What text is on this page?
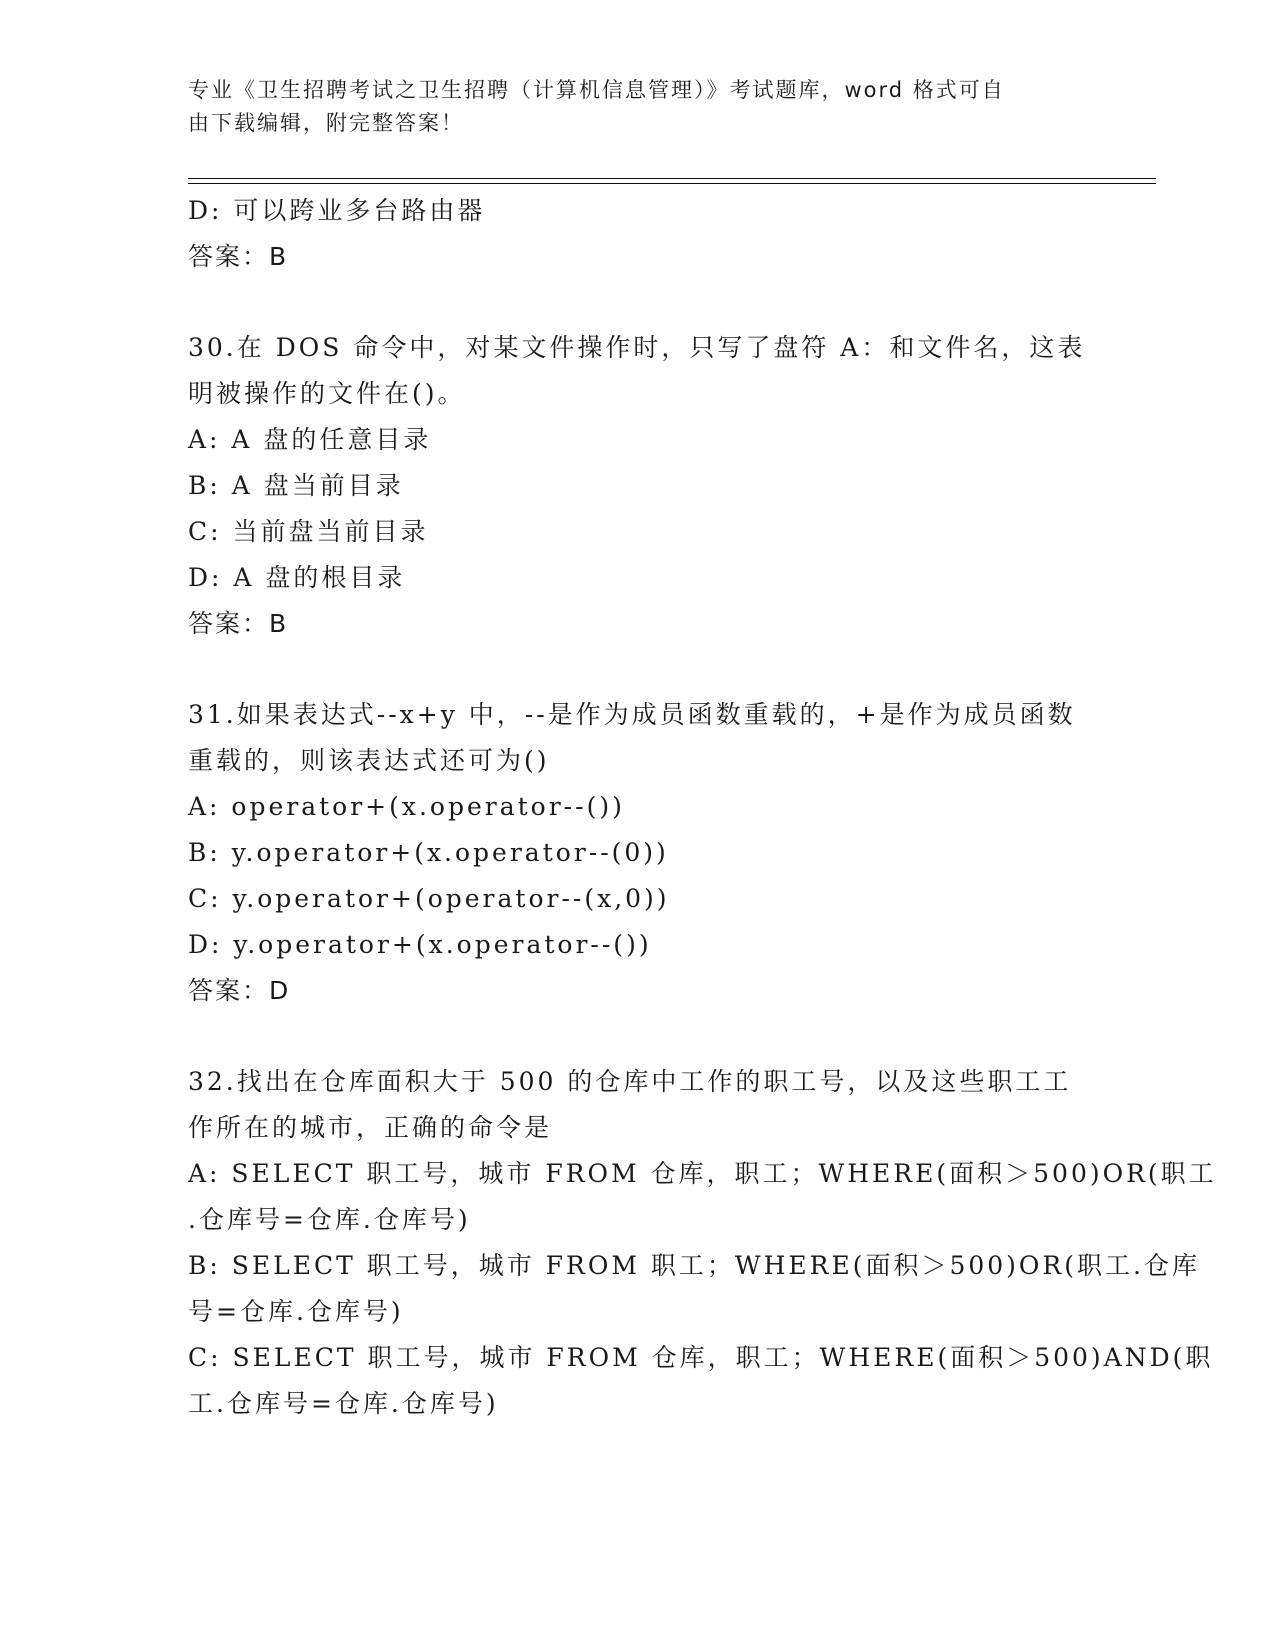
专业《卫生招聘考试之卫生招聘（计算机信息管理）》考试题库，word 格式可自
由下载编辑，附完整答案！
D: 可以跨业多台路由器
答案：B
30.在 DOS 命令中，对某文件操作时，只写了盘符 A：和文件名，这表
明被操作的文件在()。
A: A 盘的任意目录
B: A 盘当前目录
C: 当前盘当前目录
D: A 盘的根目录
答案：B
31.如果表达式--x+y 中，--是作为成员函数重载的，+是作为成员函数
重载的，则该表达式还可为()
A: operator+(x.operator--())
B: y.operator+(x.operator--(0))
C: y.operator+(operator--(x,0))
D: y.operator+(x.operator--())
答案：D
32.找出在仓库面积大于 500 的仓库中工作的职工号，以及这些职工工
作所在的城市，正确的命令是
A: SELECT 职工号，城市 FROM 仓库，职工；WHERE(面积＞500)OR(职工
.仓库号=仓库.仓库号)
B: SELECT 职工号，城市 FROM 职工；WHERE(面积＞500)OR(职工.仓库
号=仓库.仓库号)
C: SELECT 职工号，城市 FROM 仓库，职工；WHERE(面积＞500)AND(职
工.仓库号=仓库.仓库号)
